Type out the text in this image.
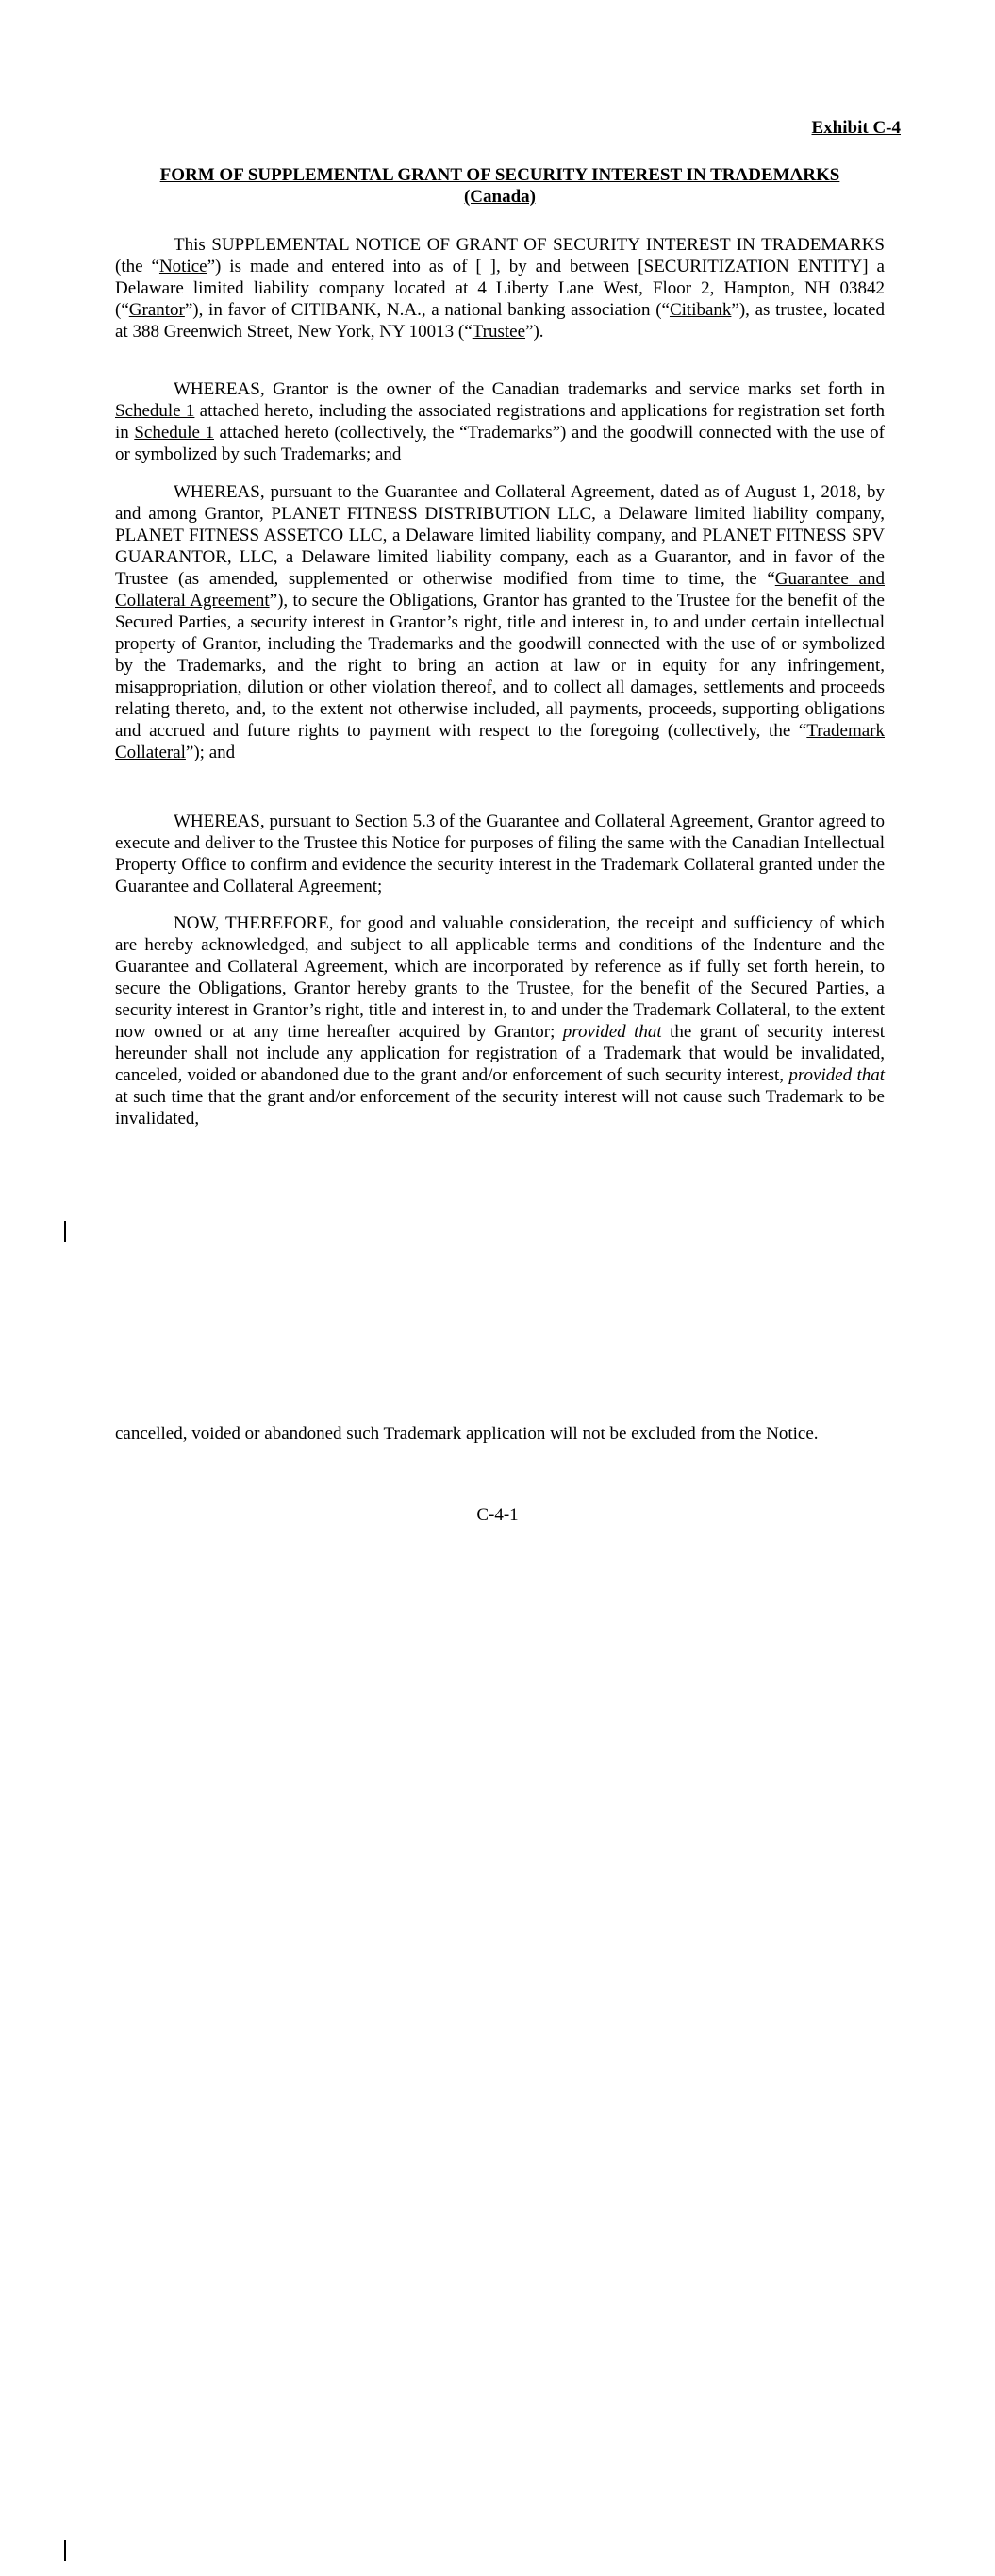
Exhibit C-4
FORM OF SUPPLEMENTAL GRANT OF SECURITY INTEREST IN TRADEMARKS
(Canada)
This SUPPLEMENTAL NOTICE OF GRANT OF SECURITY INTEREST IN TRADEMARKS (the “Notice”) is made and entered into as of [ ], by and between [SECURITIZATION ENTITY] a Delaware limited liability company located at 4 Liberty Lane West, Floor 2, Hampton, NH 03842 (“Grantor”), in favor of CITIBANK, N.A., a national banking association (“Citibank”), as trustee, located at 388 Greenwich Street, New York, NY 10013 (“Trustee”).
WHEREAS, Grantor is the owner of the Canadian trademarks and service marks set forth in Schedule 1 attached hereto, including the associated registrations and applications for registration set forth in Schedule 1 attached hereto (collectively, the “Trademarks”) and the goodwill connected with the use of or symbolized by such Trademarks; and
WHEREAS, pursuant to the Guarantee and Collateral Agreement, dated as of August 1, 2018, by and among Grantor, PLANET FITNESS DISTRIBUTION LLC, a Delaware limited liability company, PLANET FITNESS ASSETCO LLC, a Delaware limited liability company, and PLANET FITNESS SPV GUARANTOR, LLC, a Delaware limited liability company, each as a Guarantor, and in favor of the Trustee (as amended, supplemented or otherwise modified from time to time, the “Guarantee and Collateral Agreement”), to secure the Obligations, Grantor has granted to the Trustee for the benefit of the Secured Parties, a security interest in Grantor’s right, title and interest in, to and under certain intellectual property of Grantor, including the Trademarks and the goodwill connected with the use of or symbolized by the Trademarks, and the right to bring an action at law or in equity for any infringement, misappropriation, dilution or other violation thereof, and to collect all damages, settlements and proceeds relating thereto, and, to the extent not otherwise included, all payments, proceeds, supporting obligations and accrued and future rights to payment with respect to the foregoing (collectively, the “Trademark Collateral”); and
WHEREAS, pursuant to Section 5.3 of the Guarantee and Collateral Agreement, Grantor agreed to execute and deliver to the Trustee this Notice for purposes of filing the same with the Canadian Intellectual Property Office to confirm and evidence the security interest in the Trademark Collateral granted under the Guarantee and Collateral Agreement;
NOW, THEREFORE, for good and valuable consideration, the receipt and sufficiency of which are hereby acknowledged, and subject to all applicable terms and conditions of the Indenture and the Guarantee and Collateral Agreement, which are incorporated by reference as if fully set forth herein, to secure the Obligations, Grantor hereby grants to the Trustee, for the benefit of the Secured Parties, a security interest in Grantor’s right, title and interest in, to and under the Trademark Collateral, to the extent now owned or at any time hereafter acquired by Grantor; provided that the grant of security interest hereunder shall not include any application for registration of a Trademark that would be invalidated, canceled, voided or abandoned due to the grant and/or enforcement of such security interest, provided that at such time that the grant and/or enforcement of the security interest will not cause such Trademark to be invalidated,
cancelled, voided or abandoned such Trademark application will not be excluded from the Notice.
C-4-1
